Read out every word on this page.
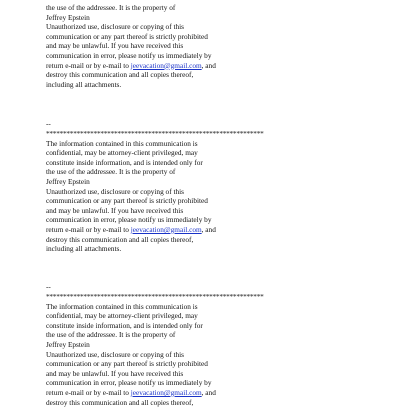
the use of the addressee. It is the property of
Jeffrey Epstein
Unauthorized use, disclosure or copying of this
communication or any part thereof is strictly prohibited
and may be unlawful. If you have received this
communication in error, please notify us immediately by
return e-mail or by e-mail to jeevacation@gmail.com, and
destroy this communication and all copies thereof,
including all attachments.
--
****************************************************************
The information contained in this communication is
confidential, may be attorney-client privileged, may
constitute inside information, and is intended only for
the use of the addressee. It is the property of
Jeffrey Epstein
Unauthorized use, disclosure or copying of this
communication or any part thereof is strictly prohibited
and may be unlawful. If you have received this
communication in error, please notify us immediately by
return e-mail or by e-mail to jeevacation@gmail.com, and
destroy this communication and all copies thereof,
including all attachments.
--
****************************************************************
The information contained in this communication is
confidential, may be attorney-client privileged, may
constitute inside information, and is intended only for
the use of the addressee. It is the property of
Jeffrey Epstein
Unauthorized use, disclosure or copying of this
communication or any part thereof is strictly prohibited
and may be unlawful. If you have received this
communication in error, please notify us immediately by
return e-mail or by e-mail to jeevacation@gmail.com, and
destroy this communication and all copies thereof,
